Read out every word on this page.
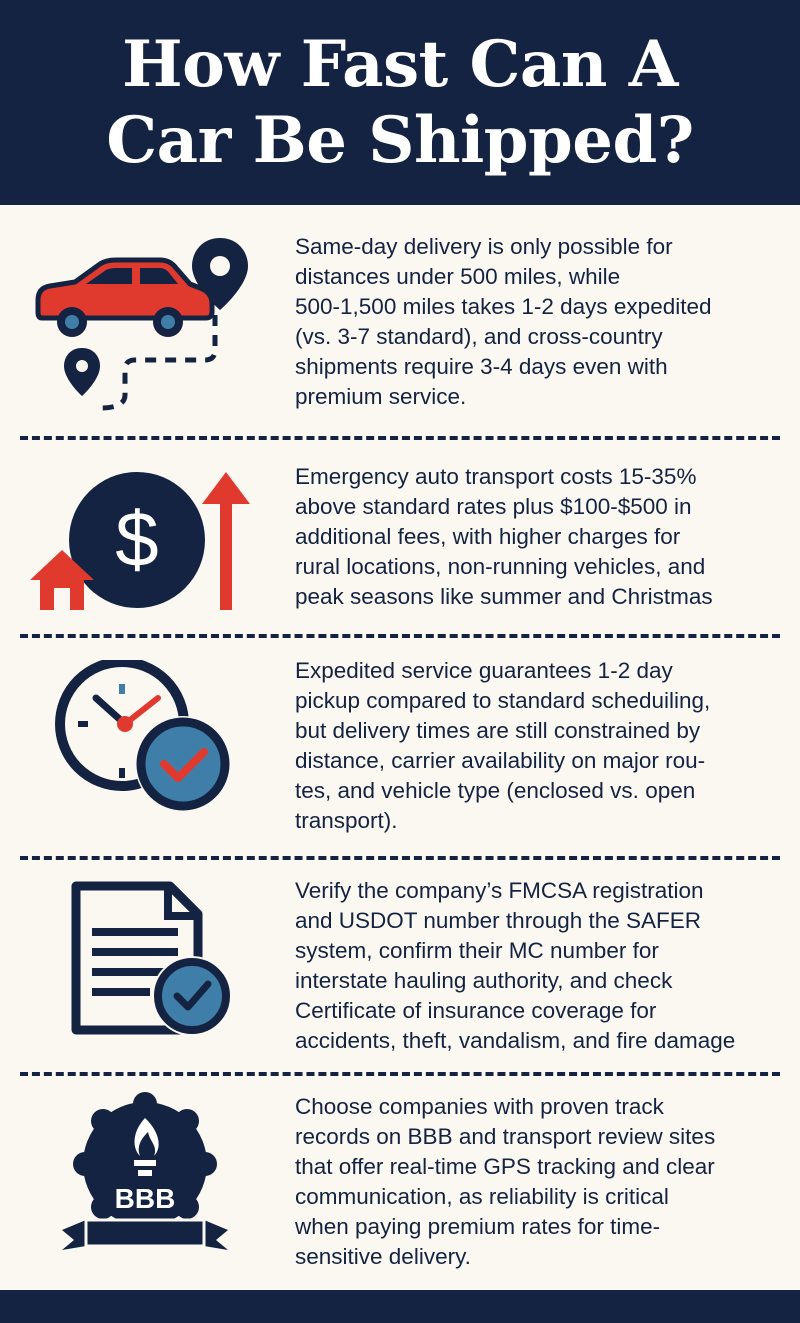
How Fast Can A
Car Be Shipped?
Same-day delivery is only possible for
distances under 500 miles, while
500-1,500 miles takes 1-2 days expedited
(vs. 3-7 standard), and cross-country
shipments require 3-4 days even with
premium service.
$
Emergency auto transport costs 15-35%
above standard rates plus $100-$500 in
additional fees, with higher charges for
rural locations, non-running vehicles, and
peak seasons like summer and Christmas
Expedited service guarantees 1-2 day
pickup compared to standard scheduiling,
but delivery times are still constrained by
distance, carrier availability on major rou-
tes, and vehicle type (enclosed vs. open
transport).
Verify the company’s FMCSA registration
and USDOT number through the SAFER
system, confirm their MC number for
interstate hauling authority, and check
Certificate of insurance coverage for
accidents, theft, vandalism, and fire damage
BBB
Choose companies with proven track
records on BBB and transport review sites
that offer real-time GPS tracking and clear
communication, as reliability is critical
when paying premium rates for time-
sensitive delivery.
